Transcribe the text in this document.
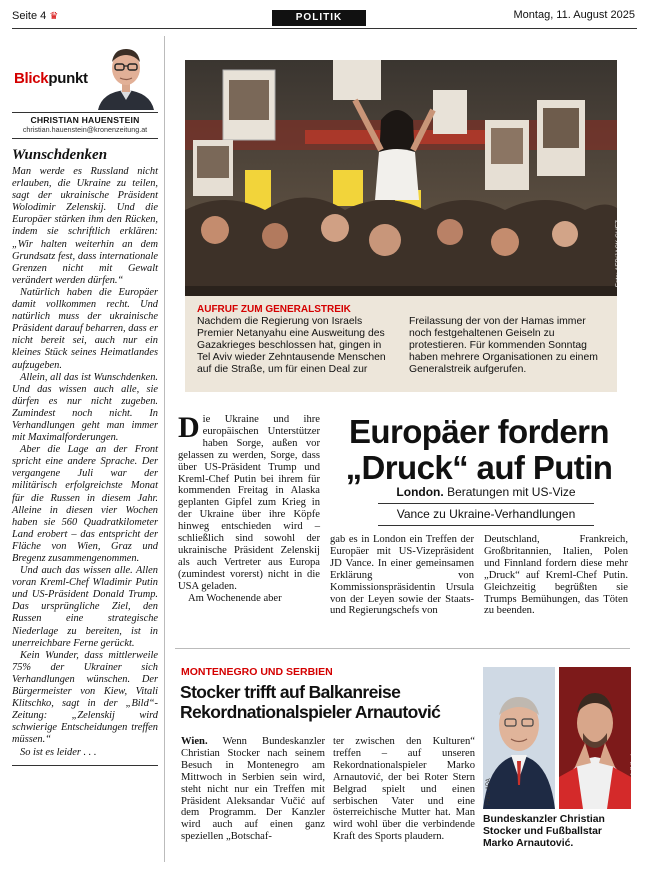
Seite 4 ♛	POLITIK	Montag, 11. August 2025
Blickpunkt
CHRISTIAN HAUENSTEIN
christian.hauenstein@kronenzeitung.at
Wunschdenken
Man werde es Russland nicht erlauben, die Ukraine zu teilen, sagt der ukrainische Präsident Wolodimir Zelenskij. Und die Europäer stärken ihm den Rücken, indem sie schriftlich erklären: „Wir halten weiterhin an dem Grundsatz fest, dass internationale Grenzen nicht mit Gewalt verändert werden dürfen.“
Natürlich haben die Europäer damit vollkommen recht. Und natürlich muss der ukrainische Präsident darauf beharren, dass er nicht bereit sei, auch nur ein kleines Stück seines Heimatlandes aufzugeben.
Allein, all das ist Wunschdenken. Und das wissen auch alle, sie dürfen es nur nicht zugeben. Zumindest noch nicht. In Verhandlungen geht man immer mit Maximalforderungen.
Aber die Lage an der Front spricht eine andere Sprache. Der vergangene Juli war der militärisch erfolgreichste Monat für die Russen in diesem Jahr. Alleine in diesen vier Wochen haben sie 560 Quadratkilometer Land erobert – das entspricht der Fläche von Wien, Graz und Bregenz zusammengenommen.
Und auch das wissen alle. Allen voran Kreml-Chef Wladimir Putin und US-Präsident Donald Trump. Das ursprüngliche Ziel, den Russen eine strategische Niederlage zu bereiten, ist in unerreichbare Ferne gerückt.
Kein Wunder, dass mittlerweile 75% der Ukrainer sich Verhandlungen wünschen. Der Bürgermeister von Kiew, Vitali Klitschko, sagt in der „Bild“-Zeitung: „Zelenskij wird schwierige Entscheidungen treffen müssen.“
So ist es leider . . .
Foto: AFP/JACK GUEZ
AUFRUF ZUM GENERALSTREIK
Nachdem die Regierung von Israels Premier Netanyahu eine Ausweitung des Gazakrieges beschlossen hat, gingen in Tel Aviv wieder Zehntausende Menschen auf die Straße, um für einen Deal zur
Freilassung der von der Hamas immer noch festgehaltenen Geiseln zu protestieren. Für kommenden Sonntag haben mehrere Organisationen zu einem Generalstreik aufgerufen.
Die Ukraine und ihre europäischen Unterstützer haben Sorge, außen vor gelassen zu werden, Sorge, dass über US-Präsident Trump und Kreml-Chef Putin bei ihrem für kommenden Freitag in Alaska geplanten Gipfel zum Krieg in der Ukraine über ihre Köpfe hinweg entschieden wird – schließlich sind sowohl der ukrainische Präsident Zelenskij als auch Vertreter aus Europa (zumindest vorerst) nicht in die USA geladen.
Am Wochenende aber
Europäer fordern
„Druck“ auf Putin
London. Beratungen mit US-Vize
Vance zu Ukraine-Verhandlungen
gab es in London ein Treffen der Europäer mit US-Vizepräsident JD Vance. In einer gemeinsamen Erklärung von Kommissionspräsidentin Ursula von der Leyen sowie der Staats- und Regierungschefs von
Deutschland, Frankreich, Großbritannien, Italien, Polen und Finnland fordern diese mehr „Druck“ auf Kreml-Chef Putin. Gleichzeitig begrüßten sie Trumps Bemühungen, das Töten zu beenden.
MONTENEGRO UND SERBIEN
Stocker trifft auf Balkanreise
Rekordnationalspieler Arnautović
Wien. Wenn Bundeskanzler Christian Stocker nach seinem Besuch in Montenegro am Mittwoch in Serbien sein wird, steht nicht nur ein Treffen mit Präsident Aleksandar Vučić auf dem Programm. Der Kanzler wird auch auf einen ganz speziellen „Botschaf-
ter zwischen den Kulturen“ treffen – auf unseren Rekordnationalspieler Marko Arnautović, der bei Roter Stern Belgrad spielt und einen serbischen Vater und eine österreichische Mutter hat. Man wird wohl über die verbindende Kraft des Sports plaudern.
Foto: APA	Foto: crvenazvezdafk/Instagram
Bundeskanzler Christian Stocker und Fußballstar Marko Arnautović.
